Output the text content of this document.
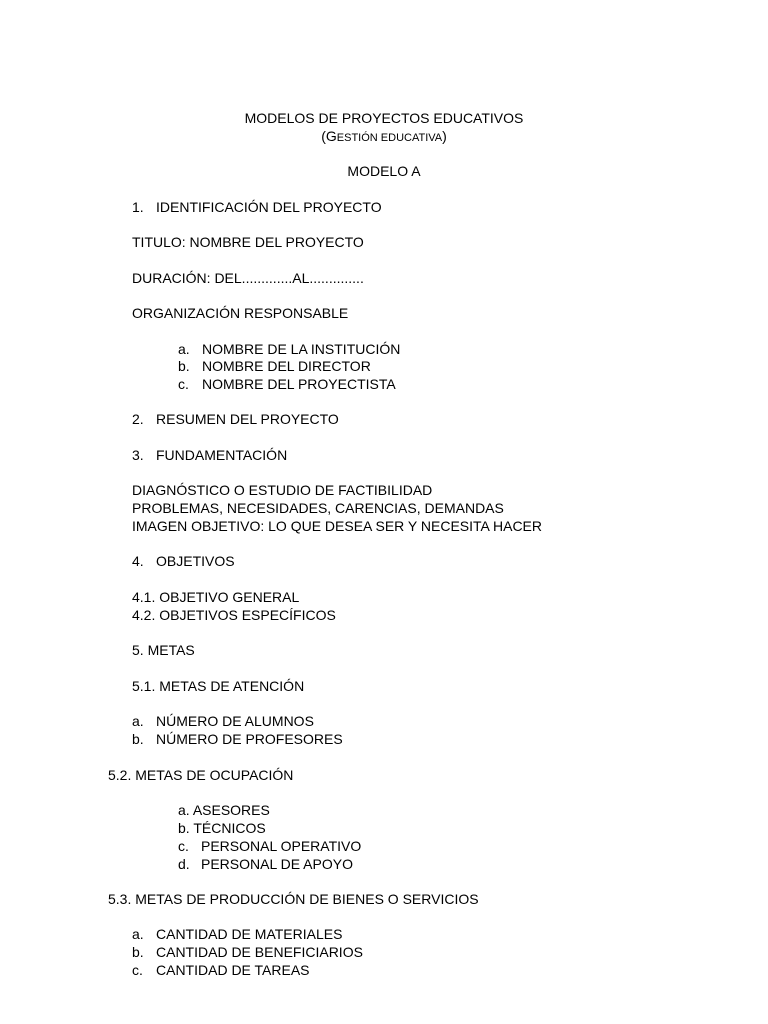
MODELOS DE PROYECTOS EDUCATIVOS
(GESTIÓN EDUCATIVA)
MODELO A
1. IDENTIFICACIÓN DEL PROYECTO
TITULO: NOMBRE DEL PROYECTO
DURACIÓN: DEL.............AL..............
ORGANIZACIÓN RESPONSABLE
a. NOMBRE DE LA INSTITUCIÓN
b. NOMBRE DEL DIRECTOR
c. NOMBRE DEL PROYECTISTA
2. RESUMEN DEL PROYECTO
3. FUNDAMENTACIÓN
DIAGNÓSTICO O ESTUDIO DE FACTIBILIDAD
PROBLEMAS, NECESIDADES, CARENCIAS, DEMANDAS
IMAGEN OBJETIVO: LO QUE DESEA SER Y NECESITA HACER
4. OBJETIVOS
4.1. OBJETIVO GENERAL
4.2. OBJETIVOS ESPECÍFICOS
5. METAS
5.1. METAS DE ATENCIÓN
a. NÚMERO DE ALUMNOS
b. NÚMERO DE PROFESORES
5.2. METAS DE OCUPACIÓN
a. ASESORES
b. TÉCNICOS
c. PERSONAL OPERATIVO
d. PERSONAL DE APOYO
5.3. METAS DE PRODUCCIÓN DE BIENES O SERVICIOS
a. CANTIDAD DE MATERIALES
b. CANTIDAD DE BENEFICIARIOS
c. CANTIDAD DE TAREAS
